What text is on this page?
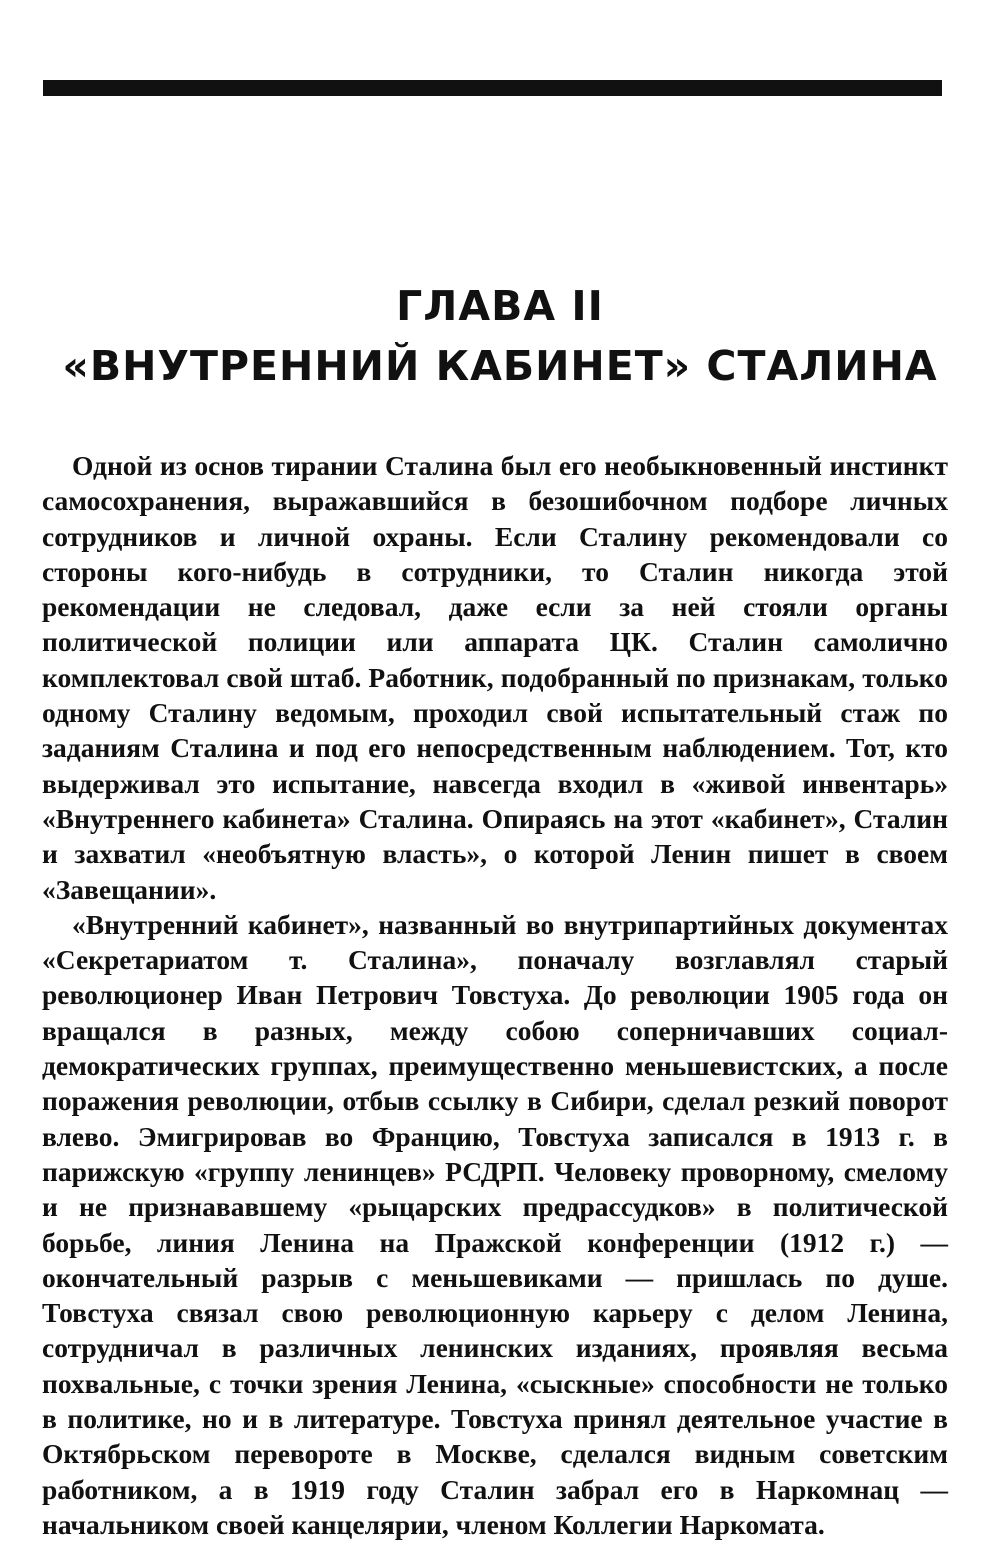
ГЛАВА II
«ВНУТРЕННИЙ КАБИНЕТ» СТАЛИНА

Одной из основ тирании Сталина был его необыкновенный инстинкт самосохранения, выражавшийся в безошибочном подборе личных сотрудников и личной охраны. Если Сталину рекомендовали со стороны кого-нибудь в сотрудники, то Сталин никогда этой рекомендации не следовал, даже если за ней стояли органы политической полиции или аппарата ЦК. Сталин самолично комплектовал свой штаб. Работник, подобранный по признакам, только одному Сталину ведомым, проходил свой испытательный стаж по заданиям Сталина и под его непосредственным наблюдением. Тот, кто выдерживал это испытание, навсегда входил в «живой инвентарь» «Внутреннего кабинета» Сталина. Опираясь на этот «кабинет», Сталин и захватил «необъятную власть», о которой Ленин пишет в своем «Завещании».

«Внутренний кабинет», названный во внутрипартийных документах «Секретариатом т. Сталина», поначалу возглавлял старый революционер Иван Петрович Товстуха. До революции 1905 года он вращался в разных, между собою соперничавших социал-демократических группах, преимущественно меньшевистских, а после поражения революции, отбыв ссылку в Сибири, сделал резкий поворот влево. Эмигрировав во Францию, Товстуха записался в 1913 г. в парижскую «группу ленинцев» РСДРП. Человеку проворному, смелому и не признававшему «рыцарских предрассудков» в политической борьбе, линия Ленина на Пражской конференции (1912 г.) — окончательный разрыв с меньшевиками — пришлась по душе. Товстуха связал свою революционную карьеру с делом Ленина, сотрудничал в различных ленинских изданиях, проявляя весьма похвальные, с точки зрения Ленина, «сыскные» способности не только в политике, но и в литературе. Товстуха принял деятельное участие в Октябрьском перевороте в Москве, сделался видным советским работником, а в 1919 году Сталин забрал его в Наркомнац — начальником своей канцелярии, членом Коллегии Наркомата.
